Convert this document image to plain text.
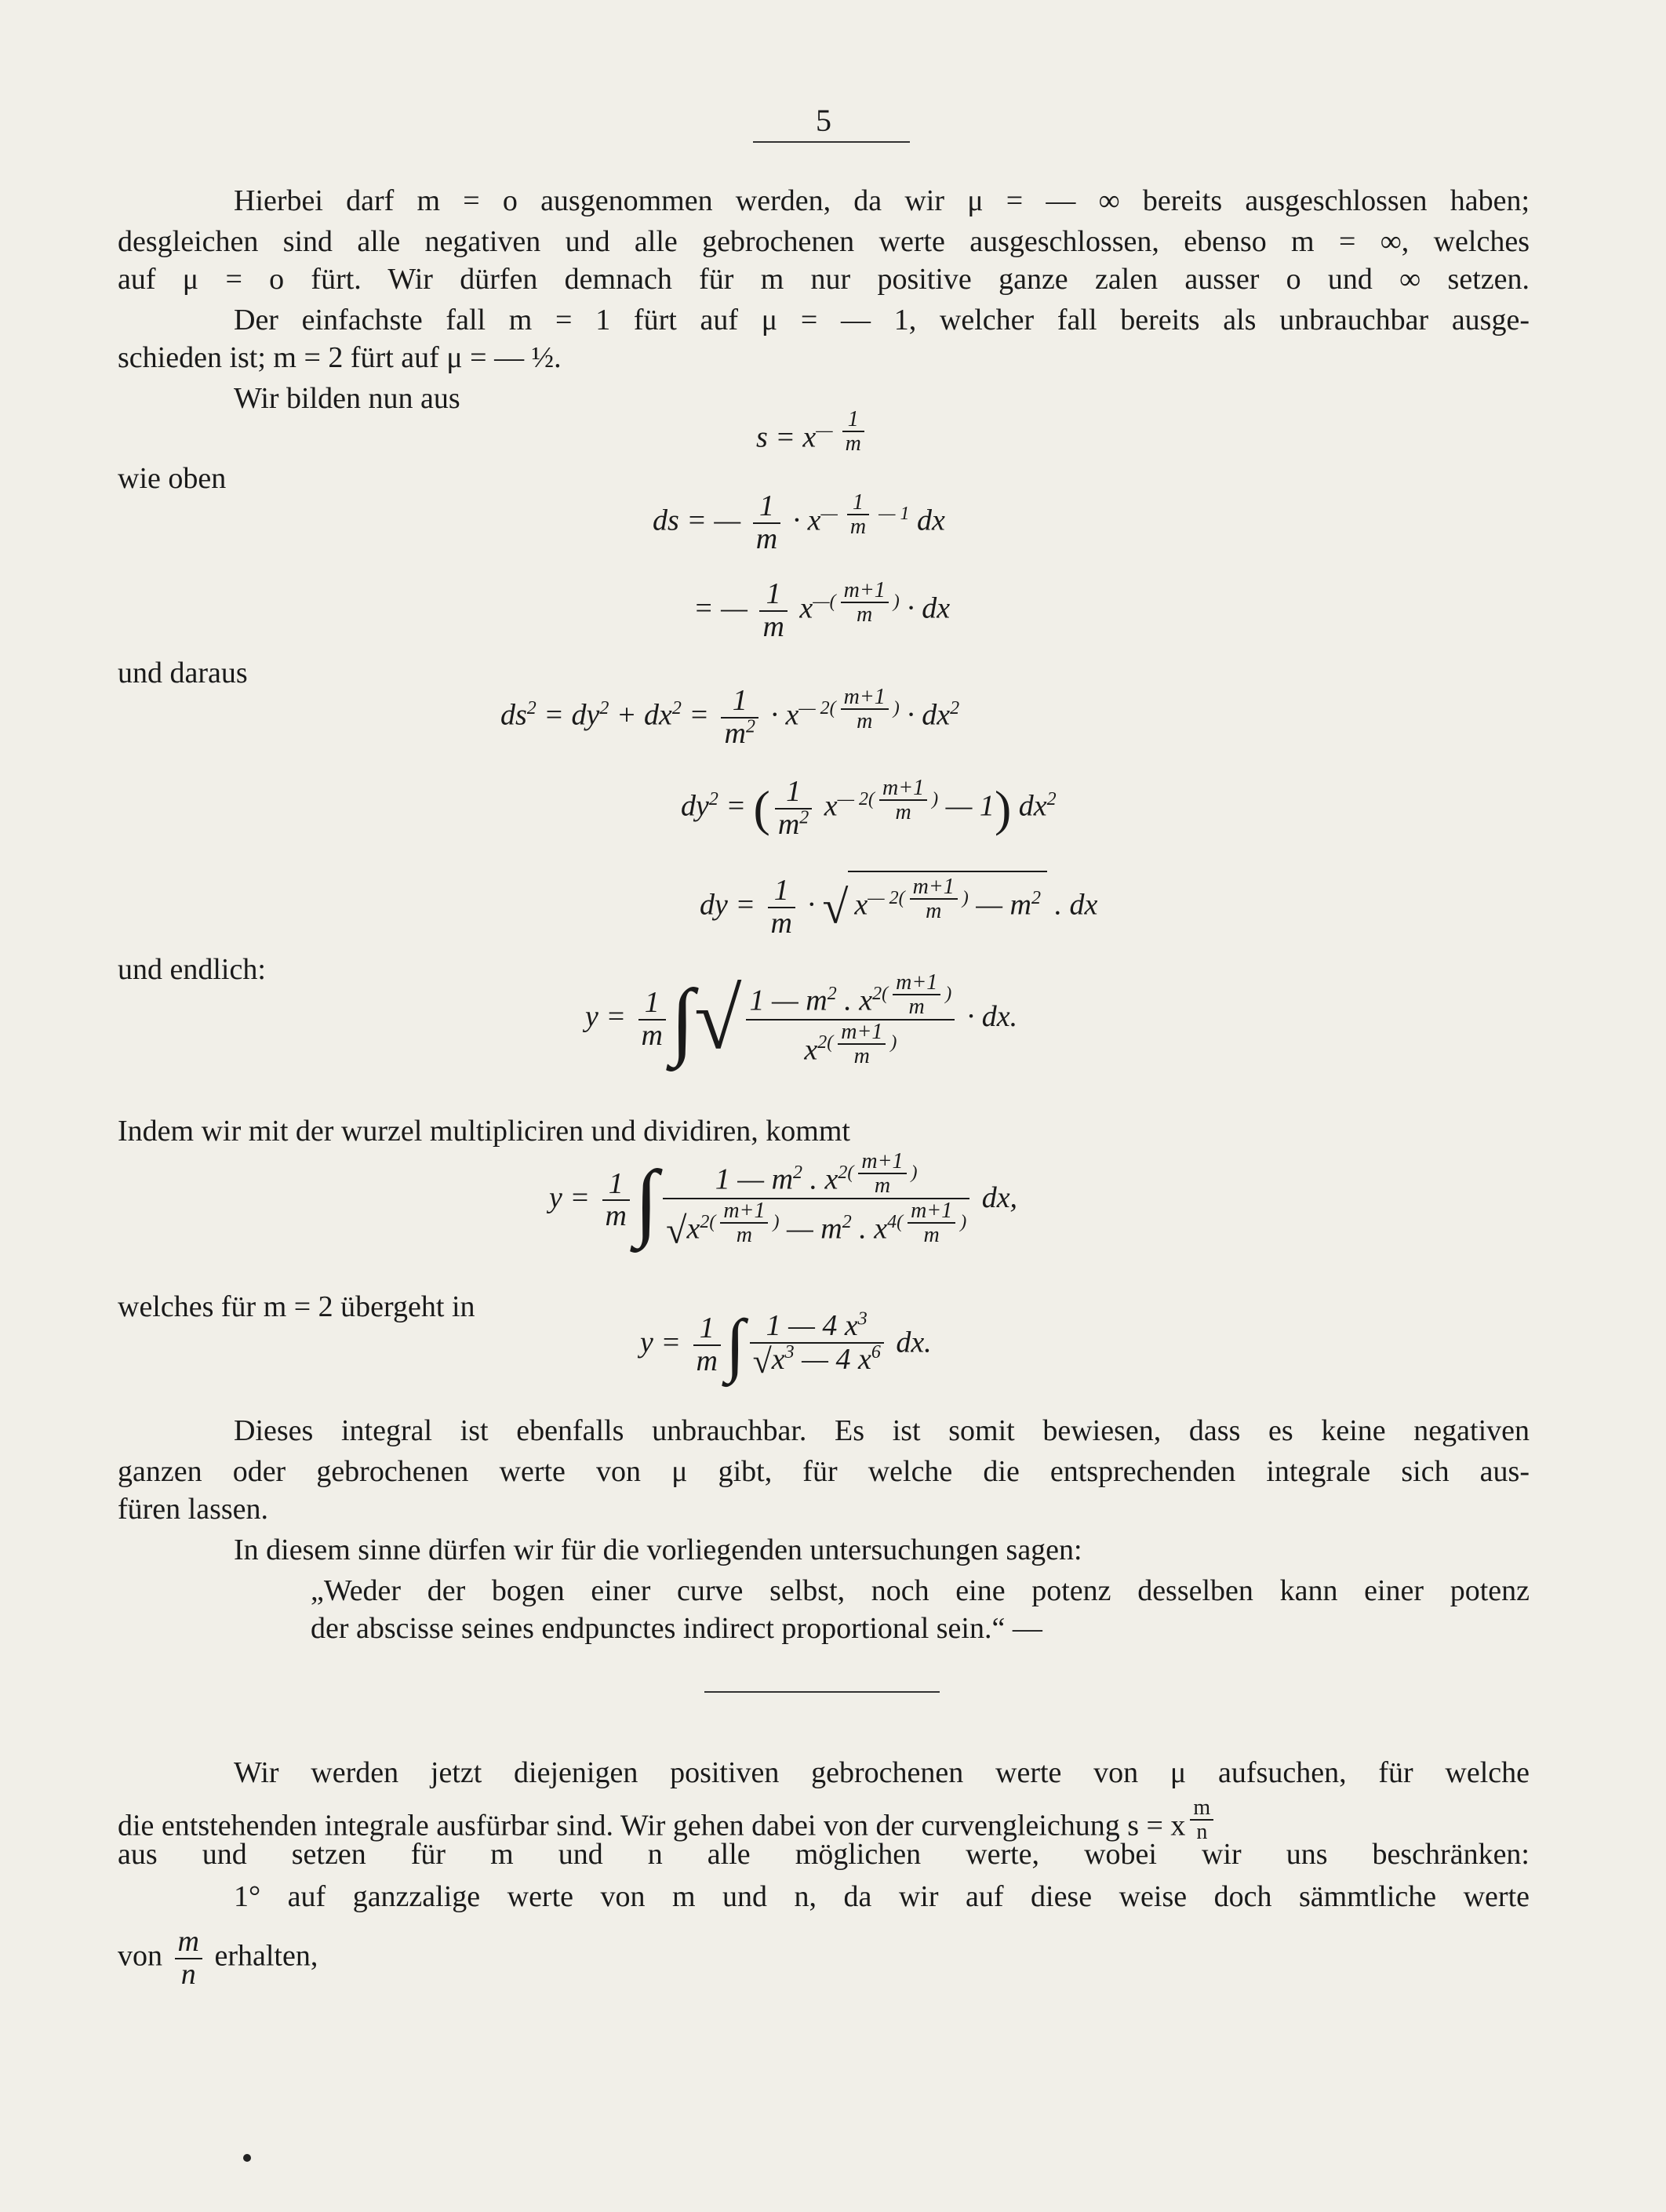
5
Hierbei darf m = o ausgenommen werden, da wir μ = — ∞ bereits ausgeschlossen haben;
desgleichen sind alle negativen und alle gebrochenen werte ausgeschlossen, ebenso m = ∞, welches
auf μ = o fürt. Wir dürfen demnach für m nur positive ganze zalen ausser o und ∞ setzen.
Der einfachste fall m = 1 fürt auf μ = — 1, welcher fall bereits als unbrauchbar ausge-
schieden ist; m = 2 fürt auf μ = — ½.
Wir bilden nun aus
$s = x^{— \frac{1}{m}}$
wie oben
ds = — $\frac{1}{m} \cdot x^{— \frac{1}{m} — 1}$ dx
= — $\frac{1}{m} x^{—( \frac{m+1}{m} )}$ · dx
und daraus
$ds^2 = dy^2 + dx^2 = \frac{1}{m^2} \cdot x^{— 2( \frac{m+1}{m} )} \cdot dx^2$
$dy^2$ = ( $\frac{1}{m^2} x^{— 2( \frac{m+1}{m} )}$ — 1) $dx^2$
dy = $\frac{1}{m}$ · √ $x^{— 2( \frac{m+1}{m} )}$ — $m^2$ . dx
und endlich:
$y = \frac{1}{m}$ ∫√ 1 — $m^2$ . $x^{2( \frac{m+1}{m} )}$
$x^{2( \frac{m+1}{m} )}$ · dx.
Indem wir mit der wurzel multipliciren und dividiren, kommt
$y = \frac{1}{m}$ ∫ 1 — $m^2$ . $x^{2( \frac{m+1}{m} )}$
$√x^{2( \frac{m+1}{m} )}$ — $m^2$ . $x^{4( \frac{m+1}{m} )}$ dx,
welches für m = 2 übergeht in
$y = \frac{1}{m}$ ∫ $\frac{1 — 4 x^3}{√x^3 — 4 x^6}$ dx.
Dieses integral ist ebenfalls unbrauchbar. Es ist somit bewiesen, dass es keine negativen
ganzen oder gebrochenen werte von μ gibt, für welche die entsprechenden integrale sich aus-
füren lassen.
In diesem sinne dürfen wir für die vorliegenden untersuchungen sagen:
„Weder der bogen einer curve selbst, noch eine potenz desselben kann einer potenz
der abscisse seines endpunctes indirect proportional sein.“ —
Wir werden jetzt diejenigen positiven gebrochenen werte von μ aufsuchen, für welche
die entstehenden integrale ausfürbar sind. Wir gehen dabei von der curvengleichung s = x $^{\frac{m}{n}}$
aus und setzen für m und n alle möglichen werte, wobei wir uns beschränken:
1° auf ganzzalige werte von m und n, da wir auf diese weise doch sämmtliche werte
von $\frac{m}{n}$ erhalten,
